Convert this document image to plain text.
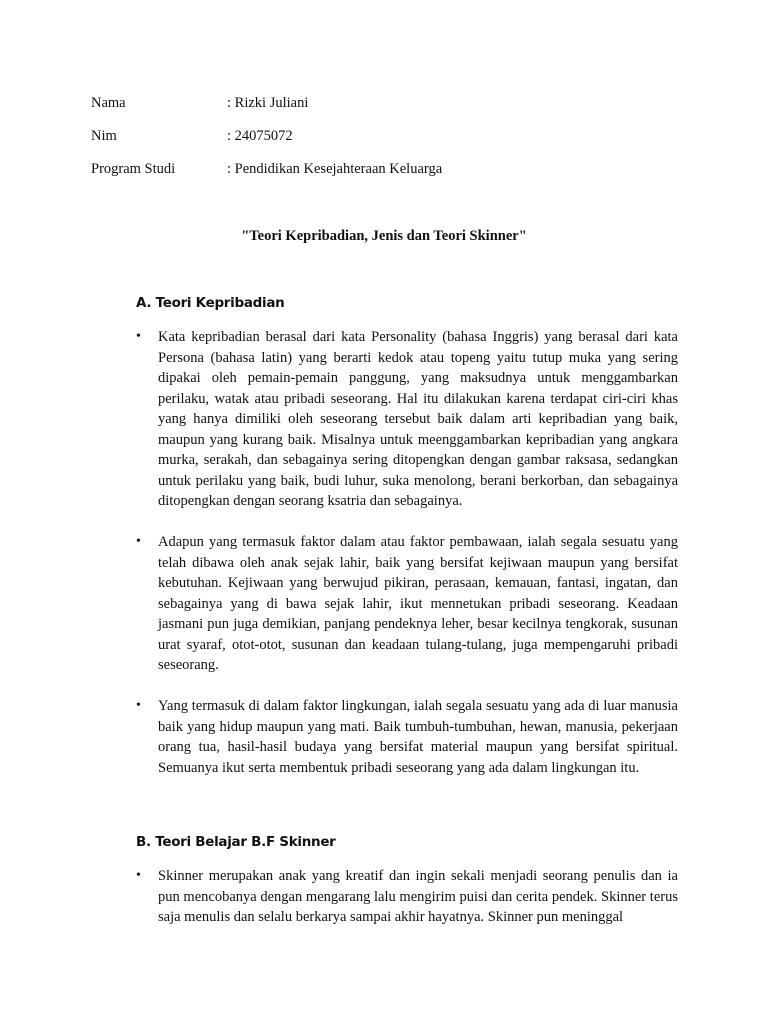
Nama	: Rizki Juliani
Nim	: 24075072
Program Studi	: Pendidikan Kesejahteraan Keluarga
"Teori Kepribadian, Jenis dan Teori Skinner"
A. Teori Kepribadian
• Kata kepribadian berasal dari kata Personality (bahasa Inggris) yang berasal dari kata Persona (bahasa latin) yang berarti kedok atau topeng yaitu tutup muka yang sering dipakai oleh pemain-pemain panggung, yang maksudnya untuk menggambarkan perilaku, watak atau pribadi seseorang. Hal itu dilakukan karena terdapat ciri-ciri khas yang hanya dimiliki oleh seseorang tersebut baik dalam arti kepribadian yang baik, maupun yang kurang baik. Misalnya untuk meenggambarkan kepribadian yang angkara murka, serakah, dan sebagainya sering ditopengkan dengan gambar raksasa, sedangkan untuk perilaku yang baik, budi luhur, suka menolong, berani berkorban, dan sebagainya ditopengkan dengan seorang ksatria dan sebagainya.

• Adapun yang termasuk faktor dalam atau faktor pembawaan, ialah segala sesuatu yang telah dibawa oleh anak sejak lahir, baik yang bersifat kejiwaan maupun yang bersifat kebutuhan. Kejiwaan yang berwujud pikiran, perasaan, kemauan, fantasi, ingatan, dan sebagainya yang di bawa sejak lahir, ikut mennetukan pribadi seseorang. Keadaan jasmani pun juga demikian, panjang pendeknya leher, besar kecilnya tengkorak, susunan urat syaraf, otot-otot, susunan dan keadaan tulang-tulang, juga mempengaruhi pribadi seseorang.

• Yang termasuk di dalam faktor lingkungan, ialah segala sesuatu yang ada di luar manusia baik yang hidup maupun yang mati. Baik tumbuh-tumbuhan, hewan, manusia, pekerjaan orang tua, hasil-hasil budaya yang bersifat material maupun yang bersifat spiritual. Semuanya ikut serta membentuk pribadi seseorang yang ada dalam lingkungan itu.

B. Teori Belajar B.F Skinner
• Skinner merupakan anak yang kreatif dan ingin sekali menjadi seorang penulis dan ia pun mencobanya dengan mengarang lalu mengirim puisi dan cerita pendek. Skinner terus saja menulis dan selalu berkarya sampai akhir hayatnya. Skinner pun meninggal
